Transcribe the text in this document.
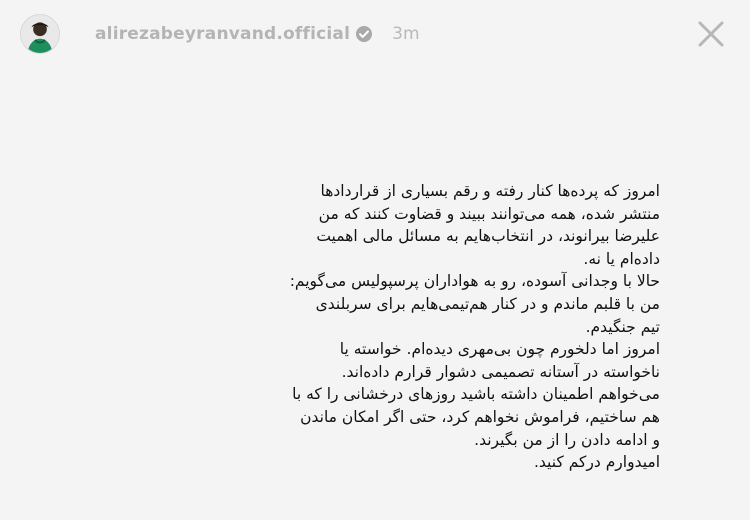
alirezabeyranvand.official 3m
امروز که پرده‌ها کنار رفته و رقم بسیاری از قراردادها
منتشر شده، همه می‌توانند ببیند و قضاوت کنند که من
علیرضا بیرانوند، در انتخاب‌هایم به مسائل مالی اهمیت
داده‌ام یا نه.
حالا با وجدانی آسوده، رو به هواداران پرسپولیس می‌گویم:
من با قلبم ماندم و در کنار هم‌تیمی‌هایم برای سربلندی
تیم جنگیدم.
امروز اما دلخورم چون بی‌مهری دیده‌ام. خواسته یا
ناخواسته در آستانه تصمیمی دشوار قرارم داده‌اند.
می‌خواهم اطمینان داشته باشید روزهای درخشانی را که با
هم ساختیم، فراموش نخواهم کرد، حتی اگر امکان ماندن
و ادامه دادن را از من بگیرند.
امیدوارم درکم کنید.
